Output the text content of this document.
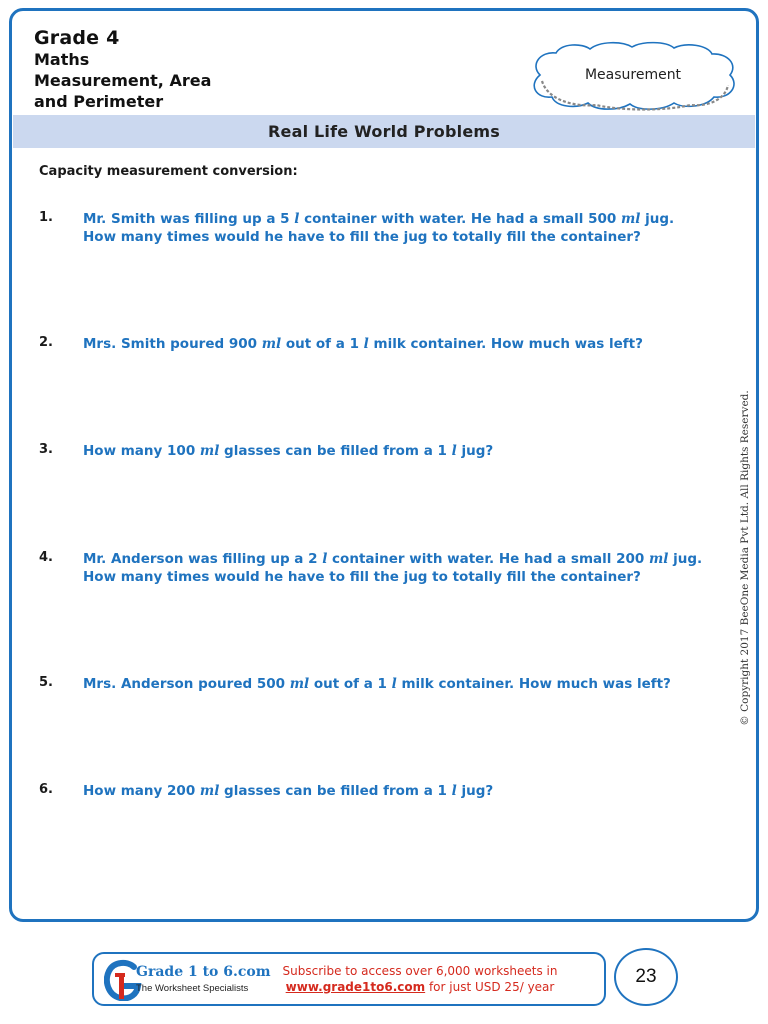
Grade 4
Maths
Measurement, Area
and Perimeter
Measurement
Real Life World Problems
Capacity measurement conversion:
1. Mr. Smith was filling up a 5 l container with water. He had a small 500 ml jug.
How many times would he have to fill the jug to totally fill the container?
2. Mrs. Smith poured 900 ml out of a 1 l milk container. How much was left?
3. How many 100 ml glasses can be filled from a 1 l jug?
4. Mr. Anderson was filling up a 2 l container with water. He had a small 200 ml jug.
How many times would he have to fill the jug to totally fill the container?
5. Mrs. Anderson poured 500 ml out of a 1 l milk container. How much was left?
6. How many 200 ml glasses can be filled from a 1 l jug?
© Copyright 2017 BeeOne Media Pvt Ltd. All Rights Reserved.
Grade 1 to 6.com
The Worksheet Specialists
Subscribe to access over 6,000 worksheets in
www.grade1to6.com for just USD 25/ year	23
